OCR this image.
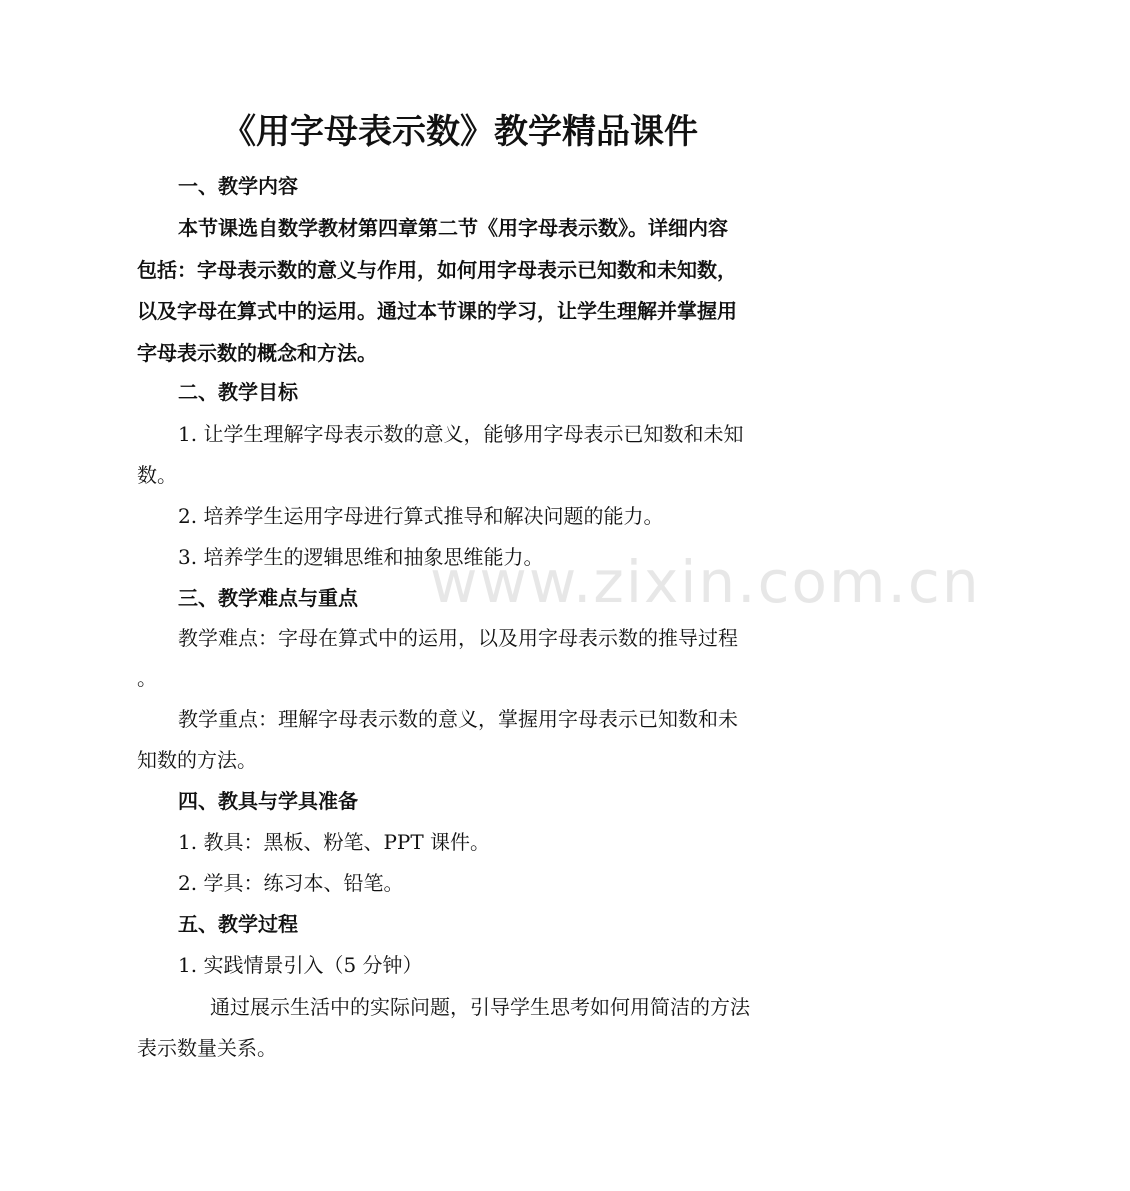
www.zixin.com.cn
《用字母表示数》教学精品课件
一、教学内容
本节课选自数学教材第四章第二节《用字母表示数》。详细内容
包括：字母表示数的意义与作用，如何用字母表示已知数和未知数，
以及字母在算式中的运用。通过本节课的学习，让学生理解并掌握用
字母表示数的概念和方法。
二、教学目标
1. 让学生理解字母表示数的意义，能够用字母表示已知数和未知
数。
2. 培养学生运用字母进行算式推导和解决问题的能力。
3. 培养学生的逻辑思维和抽象思维能力。
三、教学难点与重点
教学难点：字母在算式中的运用，以及用字母表示数的推导过程
。
教学重点：理解字母表示数的意义，掌握用字母表示已知数和未
知数的方法。
四、教具与学具准备
1. 教具：黑板、粉笔、PPT 课件。
2. 学具：练习本、铅笔。
五、教学过程
1. 实践情景引入（5 分钟）
通过展示生活中的实际问题，引导学生思考如何用简洁的方法
表示数量关系。
